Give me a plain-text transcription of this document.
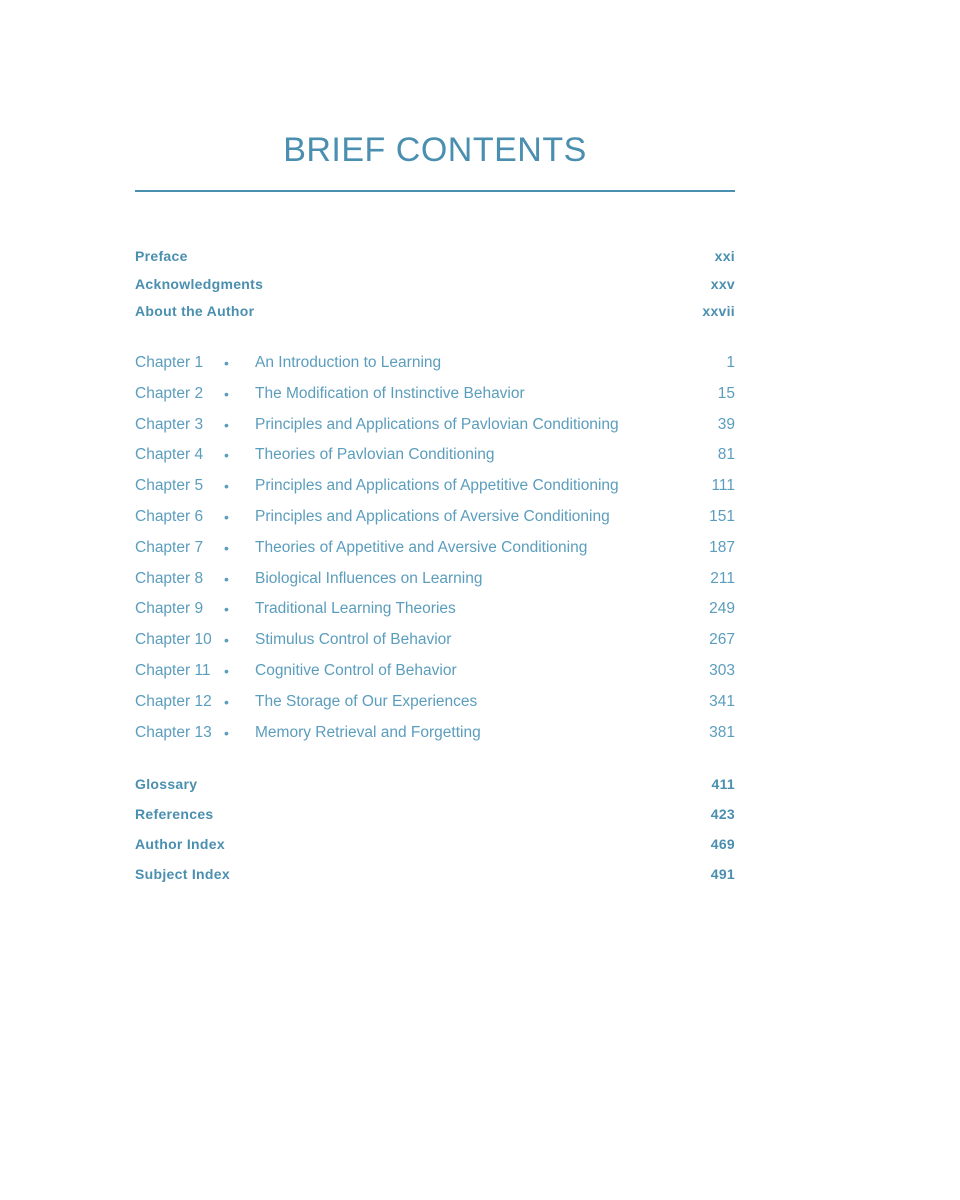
BRIEF CONTENTS
Preface	xxi
Acknowledgments	xxv
About the Author	xxvii
Chapter 1 • An Introduction to Learning	1
Chapter 2 • The Modification of Instinctive Behavior	15
Chapter 3 • Principles and Applications of Pavlovian Conditioning	39
Chapter 4 • Theories of Pavlovian Conditioning	81
Chapter 5 • Principles and Applications of Appetitive Conditioning	111
Chapter 6 • Principles and Applications of Aversive Conditioning	151
Chapter 7 • Theories of Appetitive and Aversive Conditioning	187
Chapter 8 • Biological Influences on Learning	211
Chapter 9 • Traditional Learning Theories	249
Chapter 10 • Stimulus Control of Behavior	267
Chapter 11 • Cognitive Control of Behavior	303
Chapter 12 • The Storage of Our Experiences	341
Chapter 13 • Memory Retrieval and Forgetting	381
Glossary	411
References	423
Author Index	469
Subject Index	491
